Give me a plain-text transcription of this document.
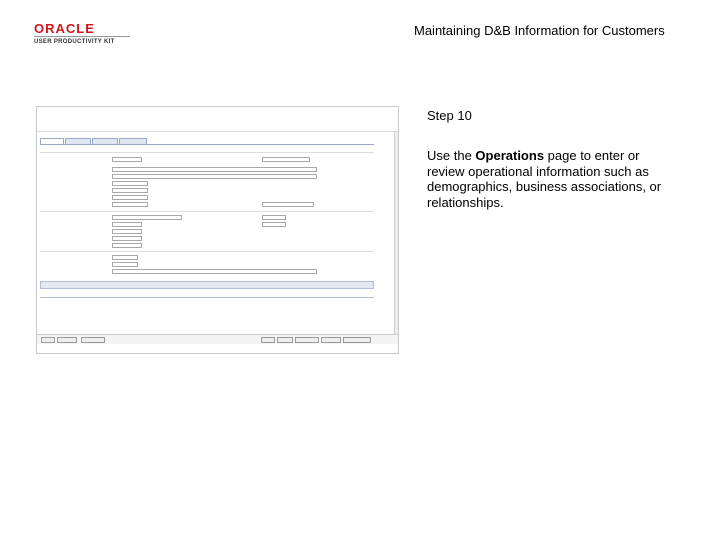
ORACLE
USER PRODUCTIVITY KIT
Maintaining D&B Information for Customers
Step 10
Use the Operations page to enter or review operational information such as demographics, business associations, or relationships.
